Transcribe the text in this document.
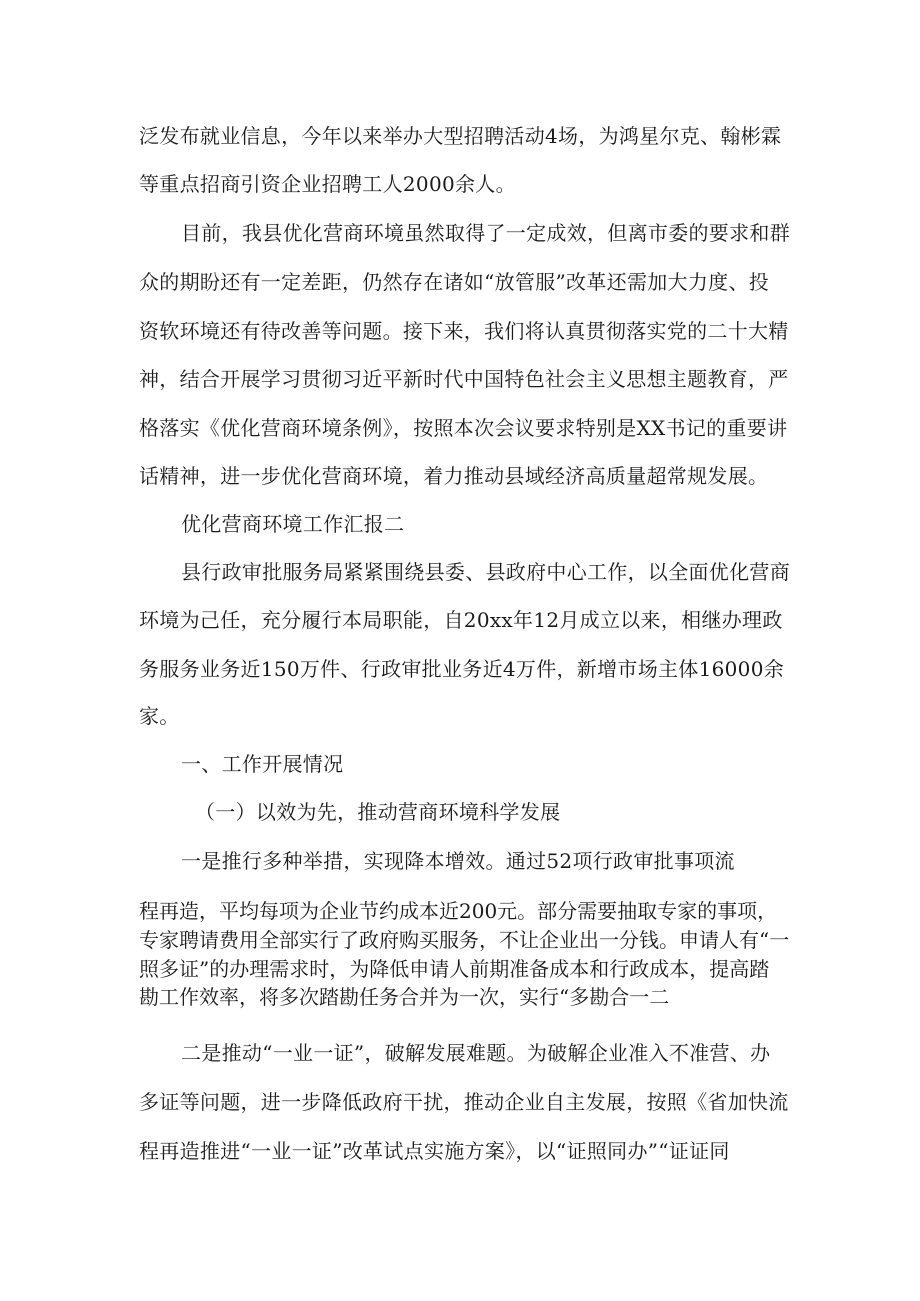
泛发布就业信息，今年以来举办大型招聘活动4场，为鸿星尔克、翰彬霖

等重点招商引资企业招聘工人2000余人。

目前，我县优化营商环境虽然取得了一定成效，但离市委的要求和群

众的期盼还有一定差距，仍然存在诸如“放管服”改革还需加大力度、投

资软环境还有待改善等问题。接下来，我们将认真贯彻落实党的二十大精

神，结合开展学习贯彻习近平新时代中国特色社会主义思想主题教育，严

格落实《优化营商环境条例》，按照本次会议要求特别是XX书记的重要讲

话精神，进一步优化营商环境，着力推动县域经济高质量超常规发展。

优化营商环境工作汇报二

县行政审批服务局紧紧围绕县委、县政府中心工作，以全面优化营商

环境为己任，充分履行本局职能，自20xx年12月成立以来，相继办理政

务服务业务近150万件、行政审批业务近4万件，新增市场主体16000余

家。

一、工作开展情况

（一）以效为先，推动营商环境科学发展

一是推行多种举措，实现降本增效。通过52项行政审批事项流

程再造，平均每项为企业节约成本近200元。部分需要抽取专家的事项，

专家聘请费用全部实行了政府购买服务，不让企业出一分钱。申请人有“一

照多证”的办理需求时，为降低申请人前期准备成本和行政成本，提高踏

勘工作效率，将多次踏勘任务合并为一次，实行“多勘合一二

二是推动“一业一证”，破解发展难题。为破解企业准入不准营、办

多证等问题，进一步降低政府干扰，推动企业自主发展，按照《省加快流

程再造推进“一业一证”改革试点实施方案》，以“证照同办”“证证同
